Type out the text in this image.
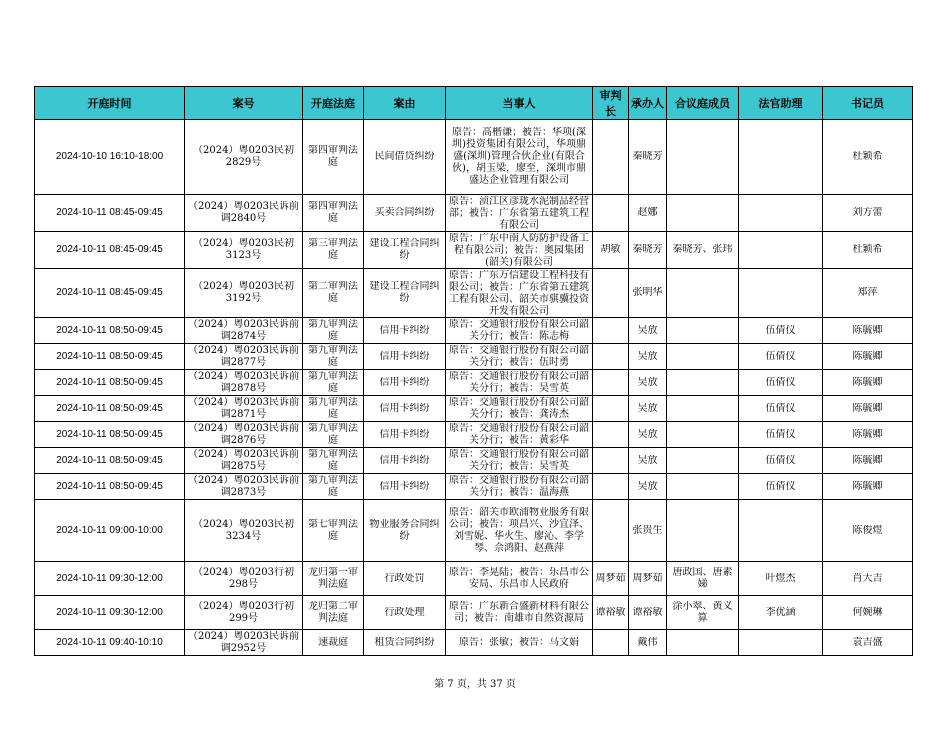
开庭时间	案号	开庭法庭	案由	当事人	审判长	承办人	合议庭成员	法官助理	书记员

2024-10-10 16:10-18:00	（2024）粤0203民初2829号	第四审判法庭	民间借贷纠纷	原告：高楷谦；被告：华项(深圳)投资集团有限公司，华项鼎盛(深圳)管理合伙企业(有限合伙)，胡玉梁，廖至，深圳市鼎盛达企业管理有限公司		秦晓芳			杜颖希

2024-10-11 08:45-09:45	（2024）粤0203民诉前调2840号	第四审判法庭	买卖合同纠纷	原告：浈江区彦珑水泥制品经营部；被告：广东省第五建筑工程有限公司		赵娜			刘方蕾

2024-10-11 08:45-09:45	（2024）粤0203民初3123号	第三审判法庭	建设工程合同纠纷	原告：广东中南人防防护设备工程有限公司；被告：奥园集团(韶关)有限公司	胡敏	秦晓芳	秦晓芳、张玮		杜颖希

2024-10-11 08:45-09:45	（2024）粤0203民初3192号	第二审判法庭	建设工程合同纠纷	原告：广东万信建设工程科技有限公司；被告：广东省第五建筑工程有限公司、韶关市骐骥投资开发有限公司		张明华			郑萍

2024-10-11 08:50-09:45	（2024）粤0203民诉前调2874号	第九审判法庭	信用卡纠纷	原告：交通银行股份有限公司韶关分行；被告：陈志梅		吴放		伍倩仪	陈毓卿

2024-10-11 08:50-09:45	（2024）粤0203民诉前调2877号	第九审判法庭	信用卡纠纷	原告：交通银行股份有限公司韶关分行；被告：伍时勇		吴放		伍倩仪	陈毓卿

2024-10-11 08:50-09:45	（2024）粤0203民诉前调2878号	第九审判法庭	信用卡纠纷	原告：交通银行股份有限公司韶关分行；被告：吴雪英		吴放		伍倩仪	陈毓卿

2024-10-11 08:50-09:45	（2024）粤0203民诉前调2871号	第九审判法庭	信用卡纠纷	原告：交通银行股份有限公司韶关分行；被告：龚涛杰		吴放		伍倩仪	陈毓卿

2024-10-11 08:50-09:45	（2024）粤0203民诉前调2876号	第九审判法庭	信用卡纠纷	原告：交通银行股份有限公司韶关分行；被告：黄彩华		吴放		伍倩仪	陈毓卿

2024-10-11 08:50-09:45	（2024）粤0203民诉前调2875号	第九审判法庭	信用卡纠纷	原告：交通银行股份有限公司韶关分行；被告：吴雪英		吴放		伍倩仪	陈毓卿

2024-10-11 08:50-09:45	（2024）粤0203民诉前调2873号	第九审判法庭	信用卡纠纷	原告：交通银行股份有限公司韶关分行；被告：温海燕		吴放		伍倩仪	陈毓卿

2024-10-11 09:00-10:00	（2024）粤0203民初3234号	第七审判法庭	物业服务合同纠纷	原告：韶关市欧浦物业服务有限公司；被告：项昌兴、沙宜泽、刘雪妮、华火生、廖沁、李学琴、佘鸿阳、赵燕萍		张贵生			陈俊煜

2024-10-11 09:30-12:00	（2024）粤0203行初298号	龙归第一审判法庭	行政处罚	原告：李晃陆；被告：乐昌市公安局、乐昌市人民政府	周梦茹	周梦茹	唐政国、唐素娣	叶煜杰	肖大吉

2024-10-11 09:30-12:00	（2024）粤0203行初299号	龙归第二审判法庭	行政处理	原告：广东新合盛新材料有限公司；被告：南雄市自然资源局	谭裕敏	谭裕敏	涂小翠、黄义算	李优涵	何婉琳

2024-10-11 09:40-10:10	（2024）粤0203民诉前调2952号	速裁庭	租赁合同纠纷	原告：张敏；被告：马文娟		戴伟			袁吉盛
第 7 页，共 37 页
